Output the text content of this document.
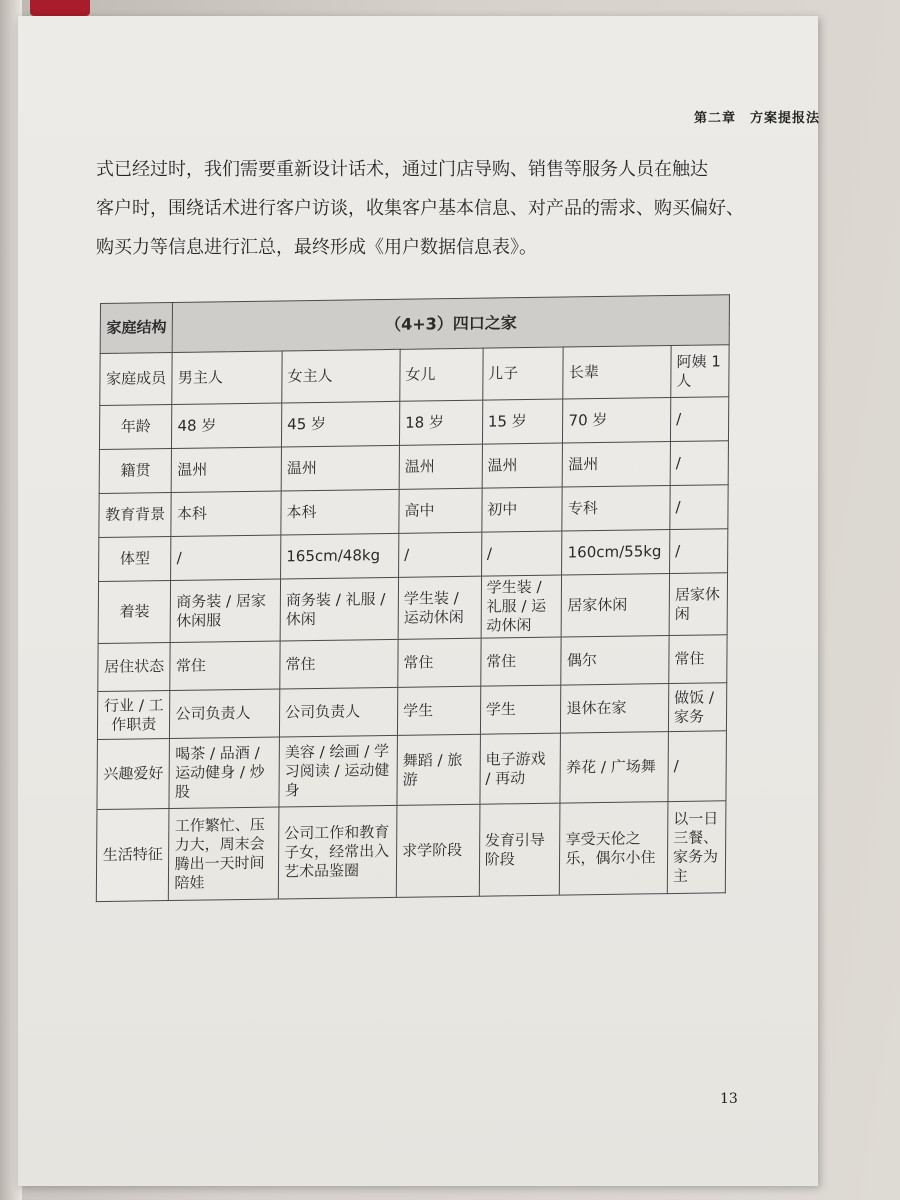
第二章　方案提报法

式已经过时，我们需要重新设计话术，通过门店导购、销售等服务人员在触达

客户时，围绕话术进行客户访谈，收集客户基本信息、对产品的需求、购买偏好、

购买力等信息进行汇总，最终形成《用户数据信息表》。

家庭结构	（4+3）四口之家					
家庭成员	男主人	女主人	女儿	儿子	长辈	阿姨 1 人
年龄	48 岁	45 岁	18 岁	15 岁	70 岁	/
籍贯	温州	温州	温州	温州	温州	/
教育背景	本科	本科	高中	初中	专科	/
体型	/	165cm/48kg	/	/	160cm/55kg	/
着装	商务装 / 居家休闲服	商务装 / 礼服 / 休闲	学生装 / 运动休闲	学生装 / 礼服 / 运动休闲	居家休闲	居家休闲
居住状态	常住	常住	常住	常住	偶尔	常住
行业 / 工作职责	公司负责人	公司负责人	学生	学生	退休在家	做饭 / 家务
兴趣爱好	喝茶 / 品酒 / 运动健身 / 炒股	美容 / 绘画 / 学习阅读 / 运动健身	舞蹈 / 旅游	电子游戏 / 再动	养花 / 广场舞	/
生活特征	工作繁忙、压力大，周末会腾出一天时间陪娃	公司工作和教育子女，经常出入艺术品鉴圈	求学阶段	发育引导阶段	享受天伦之乐，偶尔小住	以一日三餐、家务为主
13
